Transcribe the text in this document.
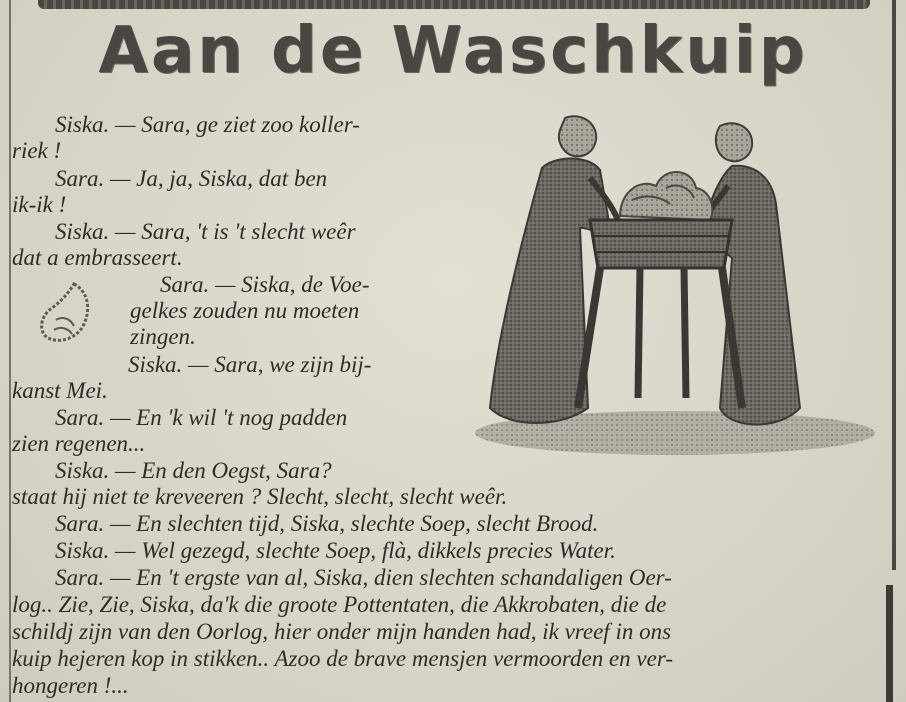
Aan de Waschkuip
Siska. — Sara, ge ziet zoo koller-
riek !
Sara. — Ja, ja, Siska, dat ben
ik-ik !
Siska. — Sara, 't is 't slecht weêr
dat a embrasseert.
Sara. — Siska, de Voe-
gelkes zouden nu moeten
zingen.
Siska. — Sara, we zijn bij-
kanst Mei.
Sara. — En 'k wil 't nog padden
zien regenen...
Siska. — En den Oegst, Sara?
staat hij niet te kreveeren ? Slecht, slecht, slecht weêr.
Sara. — En slechten tijd, Siska, slechte Soep, slecht Brood.
Siska. — Wel gezegd, slechte Soep, flà, dikkels precies Water.
Sara. — En 't ergste van al, Siska, dien slechten schandaligen Oer-
log.. Zie, Zie, Siska, da'k die groote Pottentaten, die Akkrobaten, die de
schildj zijn van den Oorlog, hier onder mijn handen had, ik vreef in ons
kuip hejeren kop in stikken.. Azoo de brave mensjen vermoorden en ver-
hongeren !...
